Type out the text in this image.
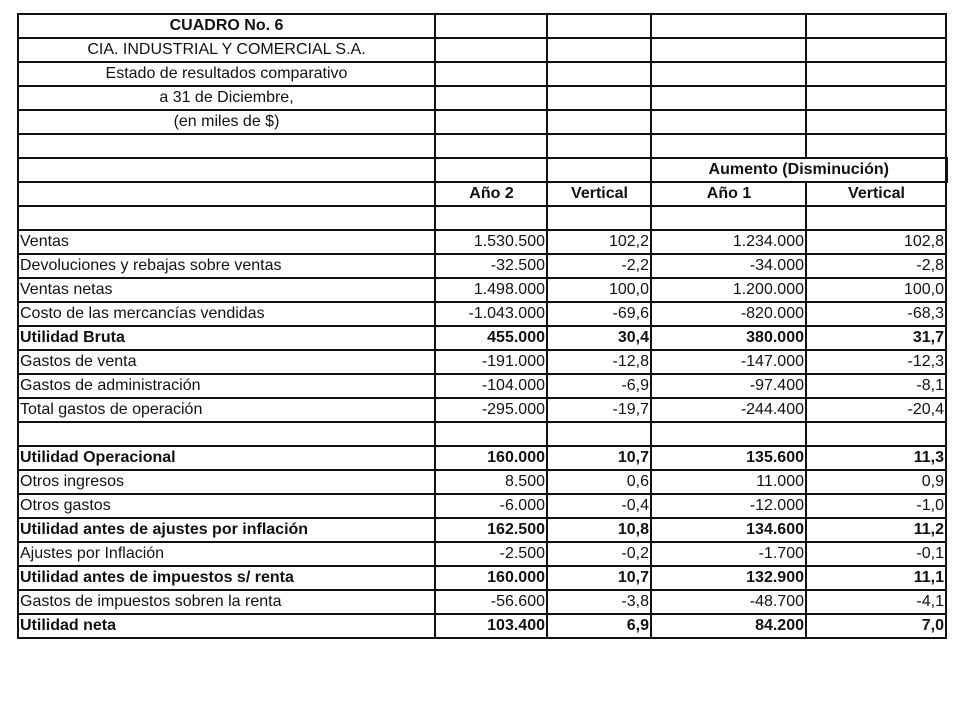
CUADRO No. 6				
CIA. INDUSTRIAL Y COMERCIAL S.A.				
Estado de resultados comparativo				
a 31 de Diciembre,				
(en miles de $)				

			Aumento (Disminución)	
	Año 2	Vertical	Año 1	Vertical

Ventas	1.530.500	102,2	1.234.000	102,8
Devoluciones y rebajas sobre ventas	-32.500	-2,2	-34.000	-2,8
Ventas netas	1.498.000	100,0	1.200.000	100,0
Costo de las mercancías vendidas	-1.043.000	-69,6	-820.000	-68,3
Utilidad Bruta	455.000	30,4	380.000	31,7
Gastos de venta	-191.000	-12,8	-147.000	-12,3
Gastos de administración	-104.000	-6,9	-97.400	-8,1
Total gastos de operación	-295.000	-19,7	-244.400	-20,4

Utilidad Operacional	160.000	10,7	135.600	11,3
Otros ingresos	8.500	0,6	11.000	0,9
Otros gastos	-6.000	-0,4	-12.000	-1,0
Utilidad antes de ajustes por inflación	162.500	10,8	134.600	11,2
Ajustes por Inflación	-2.500	-0,2	-1.700	-0,1
Utilidad antes de impuestos s/ renta	160.000	10,7	132.900	11,1
Gastos de impuestos sobren la renta	-56.600	-3,8	-48.700	-4,1
Utilidad neta	103.400	6,9	84.200	7,0
